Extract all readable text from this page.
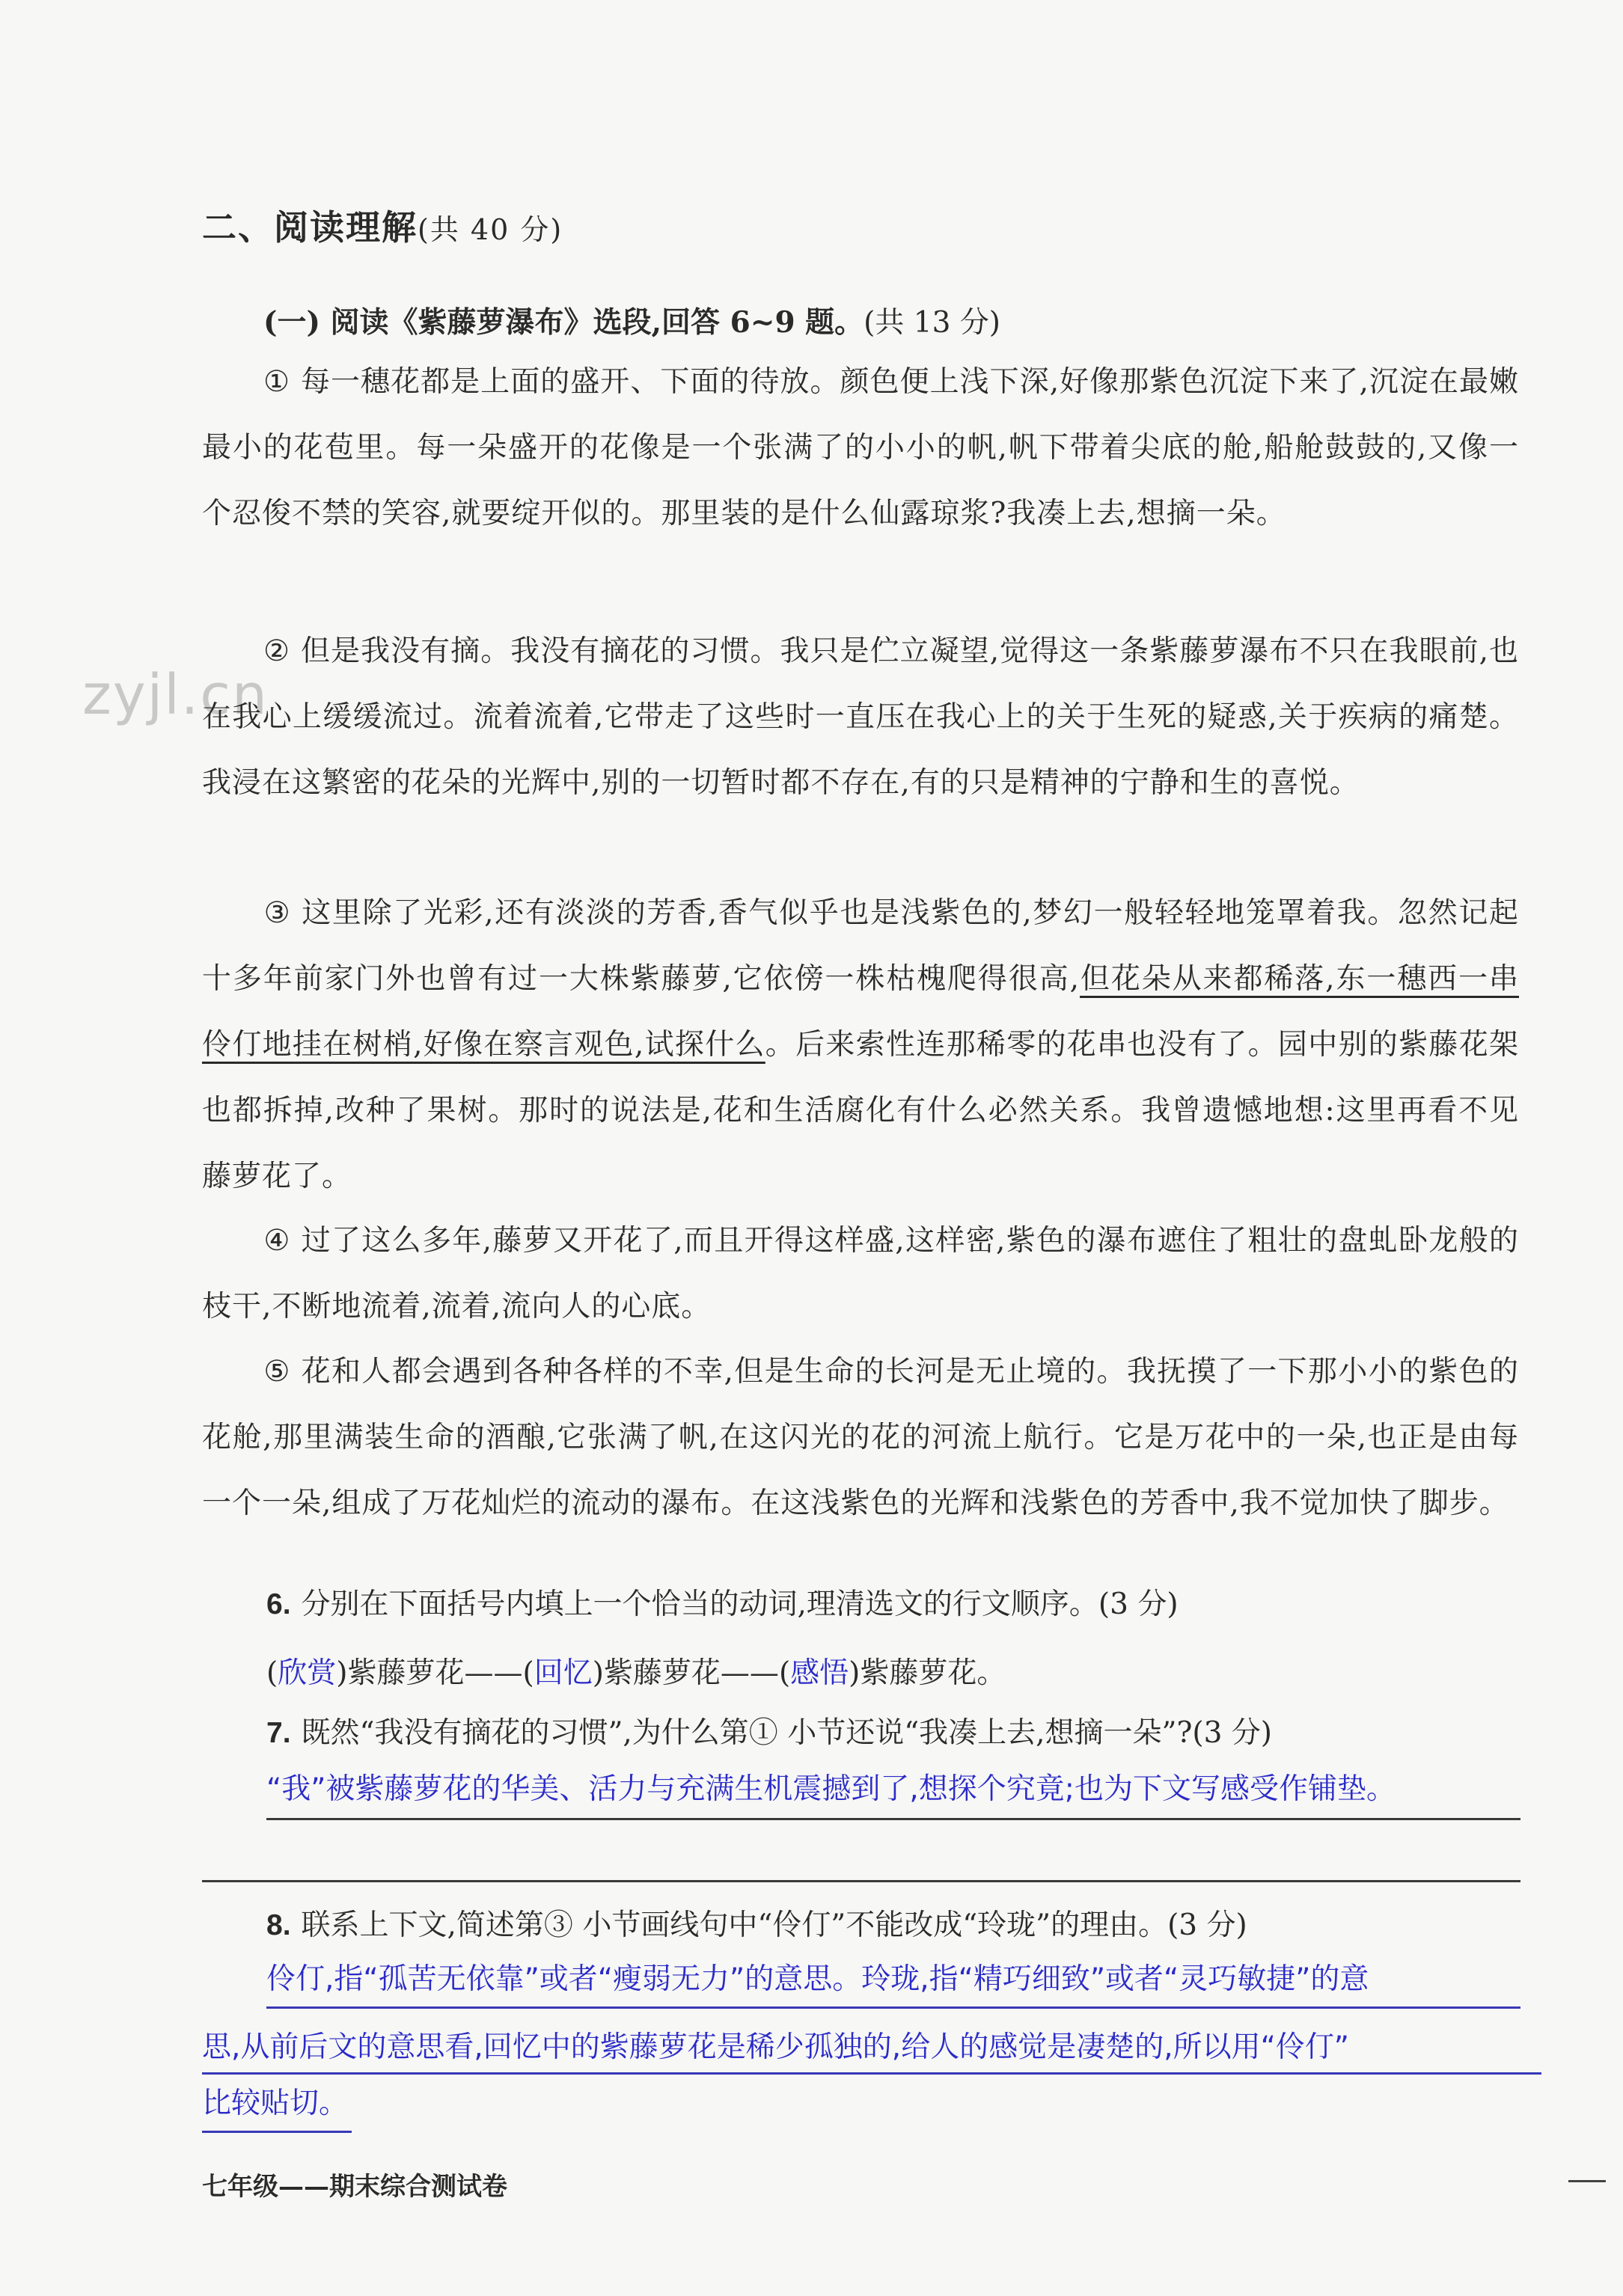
zyjl.cn
二、阅读理解(共 40 分)
(一) 阅读《紫藤萝瀑布》选段,回答 6~9 题。(共 13 分)
① 每一穗花都是上面的盛开、下面的待放。颜色便上浅下深,好像那紫色沉淀下来了,沉淀在最嫩最小的花苞里。每一朵盛开的花像是一个张满了的小小的帆,帆下带着尖底的舱,船舱鼓鼓的,又像一个忍俊不禁的笑容,就要绽开似的。那里装的是什么仙露琼浆?我凑上去,想摘一朵。
② 但是我没有摘。我没有摘花的习惯。我只是伫立凝望,觉得这一条紫藤萝瀑布不只在我眼前,也在我心上缓缓流过。流着流着,它带走了这些时一直压在我心上的关于生死的疑惑,关于疾病的痛楚。我浸在这繁密的花朵的光辉中,别的一切暂时都不存在,有的只是精神的宁静和生的喜悦。
③ 这里除了光彩,还有淡淡的芳香,香气似乎也是浅紫色的,梦幻一般轻轻地笼罩着我。忽然记起十多年前家门外也曾有过一大株紫藤萝,它依傍一株枯槐爬得很高,但花朵从来都稀落,东一穗西一串伶仃地挂在树梢,好像在察言观色,试探什么。后来索性连那稀零的花串也没有了。园中别的紫藤花架也都拆掉,改种了果树。那时的说法是,花和生活腐化有什么必然关系。我曾遗憾地想:这里再看不见藤萝花了。
④ 过了这么多年,藤萝又开花了,而且开得这样盛,这样密,紫色的瀑布遮住了粗壮的盘虬卧龙般的枝干,不断地流着,流着,流向人的心底。
⑤ 花和人都会遇到各种各样的不幸,但是生命的长河是无止境的。我抚摸了一下那小小的紫色的花舱,那里满装生命的酒酿,它张满了帆,在这闪光的花的河流上航行。它是万花中的一朵,也正是由每一个一朵,组成了万花灿烂的流动的瀑布。在这浅紫色的光辉和浅紫色的芳香中,我不觉加快了脚步。
6. 分别在下面括号内填上一个恰当的动词,理清选文的行文顺序。(3 分)
(欣赏)紫藤萝花——(回忆)紫藤萝花——(感悟)紫藤萝花。
7. 既然“我没有摘花的习惯”,为什么第① 小节还说“我凑上去,想摘一朵”?(3 分)
“我”被紫藤萝花的华美、活力与充满生机震撼到了,想探个究竟;也为下文写感受作铺垫。
8. 联系上下文,简述第③ 小节画线句中“伶仃”不能改成“玲珑”的理由。(3 分)
伶仃,指“孤苦无依靠”或者“瘦弱无力”的意思。玲珑,指“精巧细致”或者“灵巧敏捷”的意
思,从前后文的意思看,回忆中的紫藤萝花是稀少孤独的,给人的感觉是凄楚的,所以用“伶仃”
比较贴切。
七年级——期末综合测试卷
